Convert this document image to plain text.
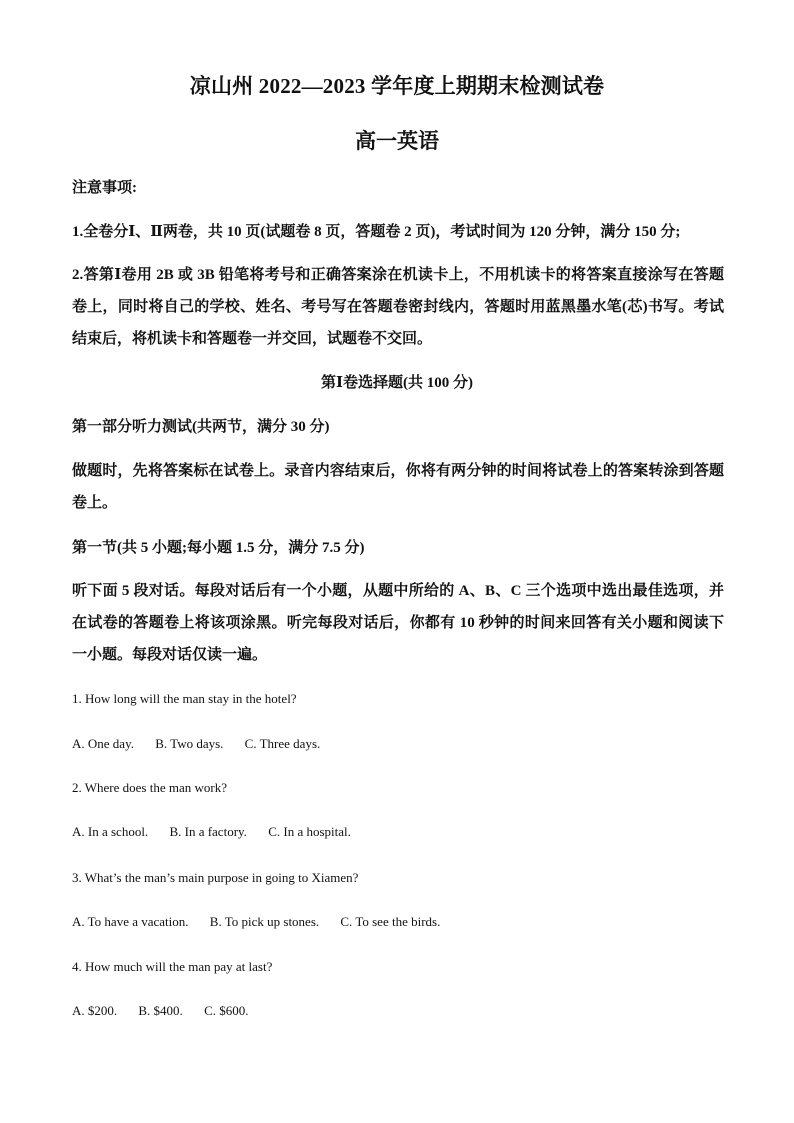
凉山州 2022—2023 学年度上期期末检测试卷
高一英语
注意事项:
1.全卷分Ⅰ、Ⅱ两卷，共 10 页(试题卷 8 页，答题卷 2 页)，考试时间为 120 分钟，满分 150 分;
2.答第Ⅰ卷用 2B 或 3B 铅笔将考号和正确答案涂在机读卡上，不用机读卡的将答案直接涂写在答题卷上，同时将自己的学校、姓名、考号写在答题卷密封线内，答题时用蓝黑墨水笔(芯)书写。考试结束后，将机读卡和答题卷一并交回，试题卷不交回。
第Ⅰ卷选择题(共 100 分)
第一部分听力测试(共两节，满分 30 分)
做题时，先将答案标在试卷上。录音内容结束后，你将有两分钟的时间将试卷上的答案转涂到答题卷上。
第一节(共 5 小题;每小题 1.5 分，满分 7.5 分)
听下面 5 段对话。每段对话后有一个小题，从题中所给的 A、B、C 三个选项中选出最佳选项，并在试卷的答题卷上将该项涂黑。听完每段对话后，你都有 10 秒钟的时间来回答有关小题和阅读下一小题。每段对话仅读一遍。
1. How long will the man stay in the hotel?
A. One day. B. Two days. C. Three days.
2. Where does the man work?
A. In a school. B. In a factory. C. In a hospital.
3. What’s the man’s main purpose in going to Xiamen?
A. To have a vacation. B. To pick up stones. C. To see the birds.
4. How much will the man pay at last?
A. $200. B. $400. C. $600.
